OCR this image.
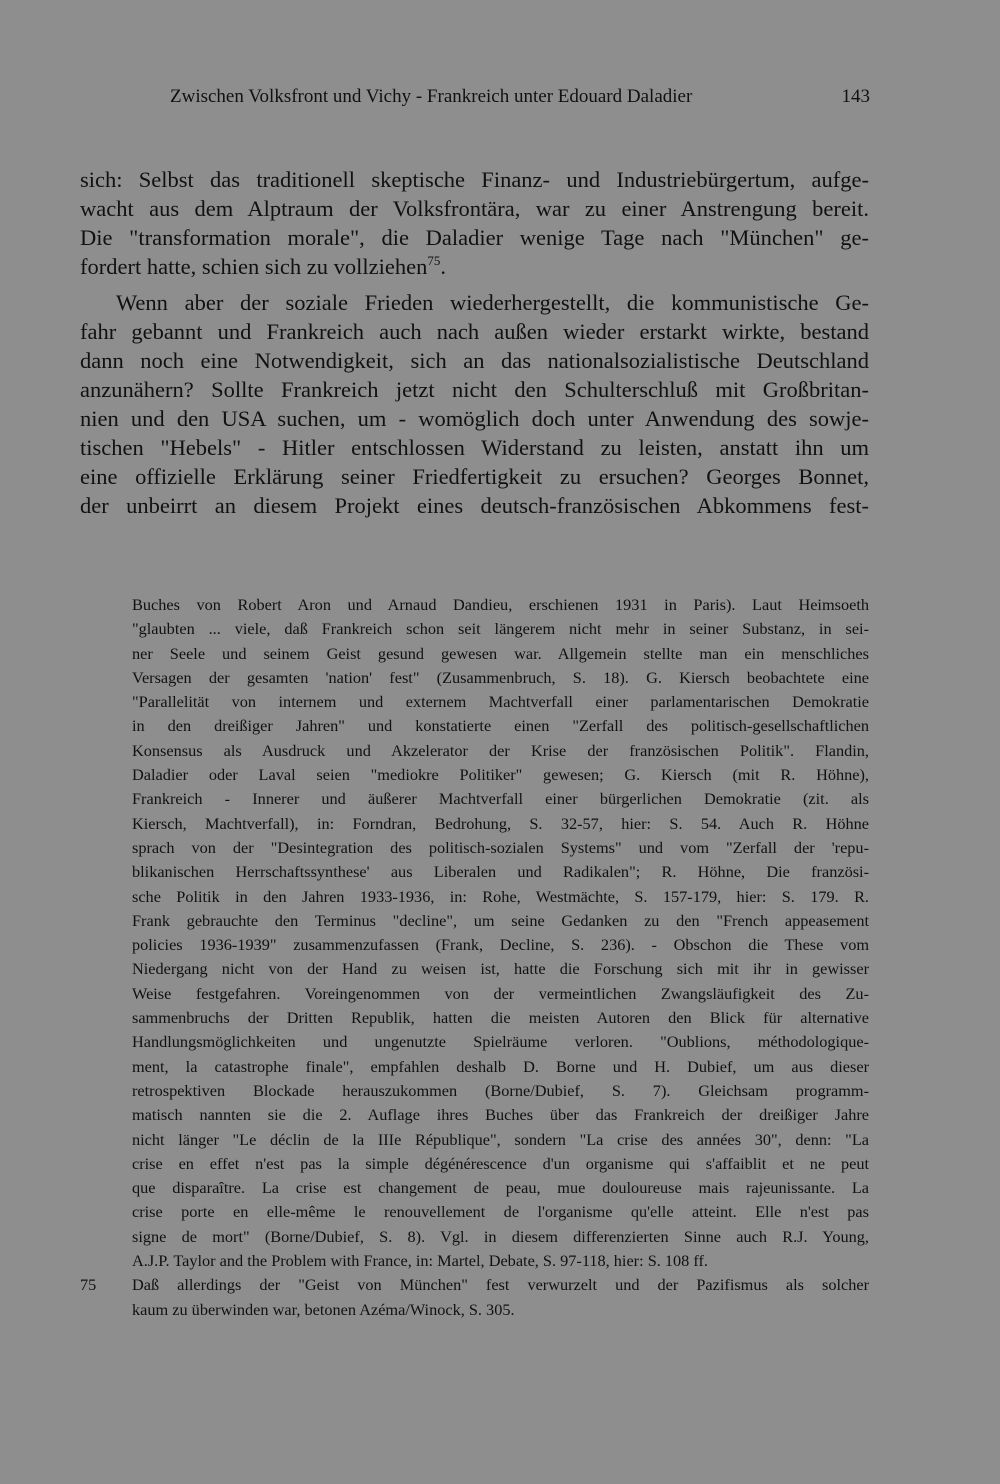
Zwischen Volksfront und Vichy - Frankreich unter Edouard Daladier	143
sich: Selbst das traditionell skeptische Finanz- und Industriebürgertum, aufge-
wacht aus dem Alptraum der Volksfrontära, war zu einer Anstrengung bereit.
Die "transformation morale", die Daladier wenige Tage nach "München" ge-
fordert hatte, schien sich zu vollziehen$^{75}$.
Wenn aber der soziale Frieden wiederhergestellt, die kommunistische Ge-
fahr gebannt und Frankreich auch nach außen wieder erstarkt wirkte, bestand
dann noch eine Notwendigkeit, sich an das nationalsozialistische Deutschland
anzunähern? Sollte Frankreich jetzt nicht den Schulterschluß mit Großbritan-
nien und den USA suchen, um - womöglich doch unter Anwendung des sowje-
tischen "Hebels" - Hitler entschlossen Widerstand zu leisten, anstatt ihn um
eine offizielle Erklärung seiner Friedfertigkeit zu ersuchen? Georges Bonnet,
der unbeirrt an diesem Projekt eines deutsch-französischen Abkommens fest-
Buches von Robert Aron und Arnaud Dandieu, erschienen 1931 in Paris). Laut Heimsoeth
"glaubten ... viele, daß Frankreich schon seit längerem nicht mehr in seiner Substanz, in sei-
ner Seele und seinem Geist gesund gewesen war. Allgemein stellte man ein menschliches
Versagen der gesamten 'nation' fest" (Zusammenbruch, S. 18). G. Kiersch beobachtete eine
"Parallelität von internem und externem Machtverfall einer parlamentarischen Demokratie
in den dreißiger Jahren" und konstatierte einen "Zerfall des politisch-gesellschaftlichen
Konsensus als Ausdruck und Akzelerator der Krise der französischen Politik". Flandin,
Daladier oder Laval seien "mediokre Politiker" gewesen; G. Kiersch (mit R. Höhne),
Frankreich - Innerer und äußerer Machtverfall einer bürgerlichen Demokratie (zit. als
Kiersch, Machtverfall), in: Forndran, Bedrohung, S. 32-57, hier: S. 54. Auch R. Höhne
sprach von der "Desintegration des politisch-sozialen Systems" und vom "Zerfall der 'repu-
blikanischen Herrschaftssynthese' aus Liberalen und Radikalen"; R. Höhne, Die französi-
sche Politik in den Jahren 1933-1936, in: Rohe, Westmächte, S. 157-179, hier: S. 179. R.
Frank gebrauchte den Terminus "decline", um seine Gedanken zu den "French appeasement
policies 1936-1939" zusammenzufassen (Frank, Decline, S. 236). - Obschon die These vom
Niedergang nicht von der Hand zu weisen ist, hatte die Forschung sich mit ihr in gewisser
Weise festgefahren. Voreingenommen von der vermeintlichen Zwangsläufigkeit des Zu-
sammenbruchs der Dritten Republik, hatten die meisten Autoren den Blick für alternative
Handlungsmöglichkeiten und ungenutzte Spielräume verloren. "Oublions, méthodologique-
ment, la catastrophe finale", empfahlen deshalb D. Borne und H. Dubief, um aus dieser
retrospektiven Blockade herauszukommen (Borne/Dubief, S. 7). Gleichsam programm-
matisch nannten sie die 2. Auflage ihres Buches über das Frankreich der dreißiger Jahre
nicht länger "Le déclin de la IIIe République", sondern "La crise des années 30", denn: "La
crise en effet n'est pas la simple dégénérescence d'un organisme qui s'affaiblit et ne peut
que disparaître. La crise est changement de peau, mue douloureuse mais rajeunissante. La
crise porte en elle-même le renouvellement de l'organisme qu'elle atteint. Elle n'est pas
signe de mort" (Borne/Dubief, S. 8). Vgl. in diesem differenzierten Sinne auch R.J. Young,
A.J.P. Taylor and the Problem with France, in: Martel, Debate, S. 97-118, hier: S. 108 ff.
75	Daß allerdings der "Geist von München" fest verwurzelt und der Pazifismus als solcher
kaum zu überwinden war, betonen Azéma/Winock, S. 305.
